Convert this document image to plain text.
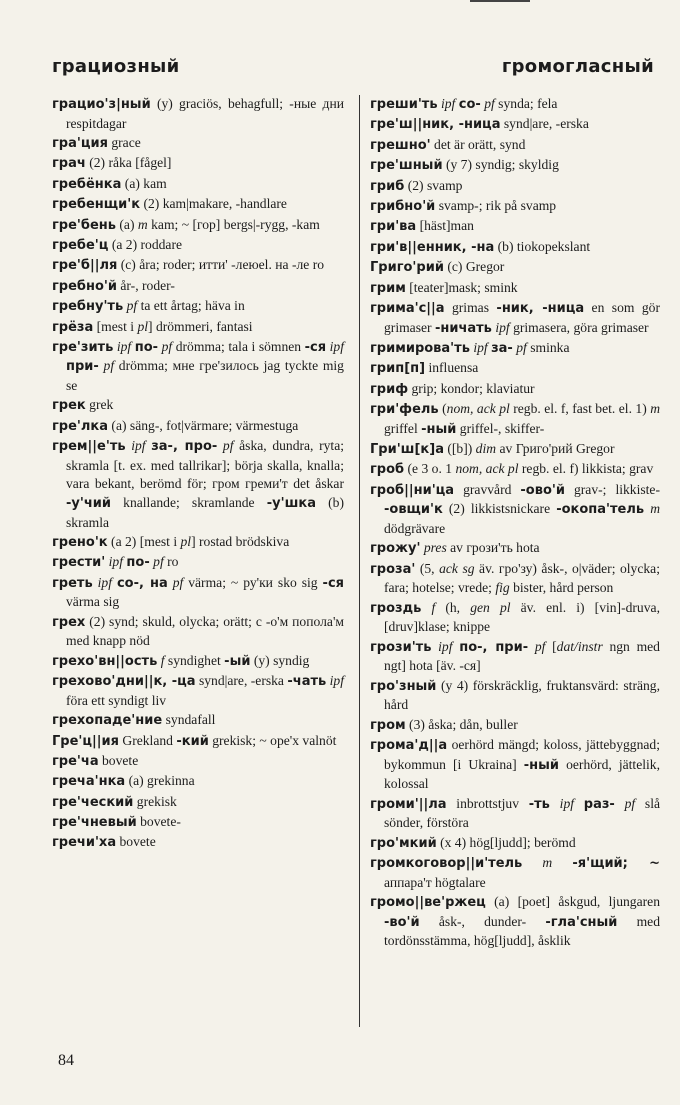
грациозный	громогласный

грацио'з|ный (у) graciös, behagfull; -ные дни respitdagar

гра'ция grace

грач (2) råka [fågel]

гребёнка (a) kam

гребенщи'к (2) kam|makare, -handlare

гре'бень (a) m kam; ~ [гор] bergs|-rygg, -kam

гребе'ц (a 2) roddare

гре'б||ля (c) åra; roder; итти' -леюel. на -ле ro

гребно'й år-, roder-

гребну'ть pf ta ett årtag; häva in

грёза [mest i pl] drömmeri, fantasi

гре'зить ipf по- pf drömma; tala i sömnen -ся ipf при- pf drömma; мне гре'зилось jag tyckte mig se

грек grek

гре'лка (a) säng-, fot|värmare; värmestuga

грем||е'ть ipf за-, про- pf åska, dundra, ryta; skramla [t. ex. med tallrikar]; börja skalla, knalla; vara bekant, berömd för; гром греми'т det åskar -у'чий knallande; skramlande -у'шка (b) skramla

грено'к (a 2) [mest i pl] rostad brödskiva

грести' ipf по- pf ro

греть ipf со-, на pf värma; ~ ру'ки sko sig -ся värma sig

грех (2) synd; skuld, olycka; orätt; с -о'м попола'м med knapp nöd

грехо'вн||ость f syndighet -ый (у) syndig

грехово'дни||к, -ца synd|are, -erska -чать ipf föra ett syndigt liv

грехопаде'ние syndafall

Гре'ц||ия Grekland -кий grekisk; ~ оре'х valnöt

гре'ча bovete

греча'нка (a) grekinna

гре'ческий grekisk

гре'чневый bovete-

гречи'ха bovete

греши'ть ipf со- pf synda; fela

гре'ш||ник, -ница synd|are, -erska

грешно' det är orätt, synd

гре'шный (у 7) syndig; skyldig

гриб (2) svamp

грибно'й svamp-; rik på svamp

гри'ва [häst]man

гри'в||енник, -на (b) tiokopekslant

Григо'рий (c) Gregor

грим [teater]mask; smink

грима'с||а grimas -ник, -ница en som gör grimaser -ничать ipf grimasera, göra grimaser

гримирова'ть ipf за- pf sminka

грип[п] influensa

гриф grip; kondor; klaviatur

гри'фель (nom, ack pl regb. el. f, fast bet. el. 1) m griffel -ный griffel-, skiffer-

Гри'ш[к]а ([b]) dim av Григо'рий Gregor

гроб (e 3 o. 1 nom, ack pl regb. el. f) likkista; grav

гроб||ни'ца gravvård -ово'й grav-; likkiste- -овщи'к (2) likkistsnickare -окопа'тель m dödgrävare

грожу' pres av грози'ть hota

гроза' (5, ack sg äv. гро'зу) åsk-, o|väder; olycka; fara; hotelse; vrede; fig bister, hård person

гроздь f (h, gen pl äv. enl. i) [vin]-druva, [druv]klase; knippe

грози'ть ipf по-, при- pf [dat/instr ngn med ngt] hota [äv. -ся]

гро'зный (у 4) förskräcklig, fruktansvärd: sträng, hård

гром (3) åska; dån, buller

грома'д||а oerhörd mängd; koloss, jättebyggnad; bykommun [i Ukraina] -ный oerhörd, jättelik, kolossal

громи'||ла inbrottstjuv -ть ipf раз- pf slå sönder, förstöra

гро'мкий (x 4) hög[ljudd]; berömd

громкоговор||и'тель m -я'щий; ~ аппара'т högtalare

громо||ве'ржец (a) [poet] åskgud, ljungaren -во'й åsk-, dunder- -гла'сный med tordönsstämma, hög[ljudd], åsklik

84
